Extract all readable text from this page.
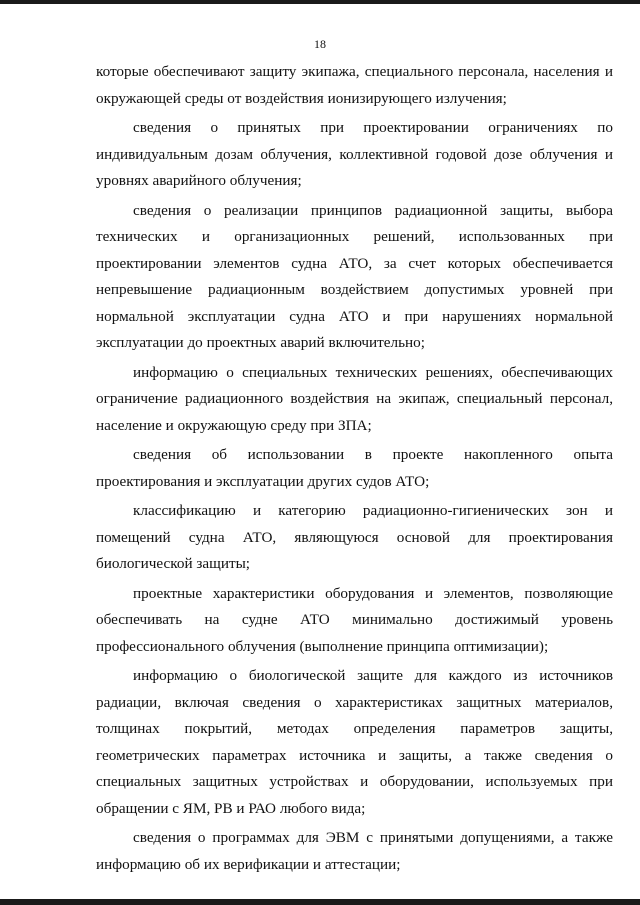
18

которые обеспечивают защиту экипажа, специального персонала, населения и окружающей среды от воздействия ионизирующего излучения;

сведения о принятых при проектировании ограничениях по индивидуальным дозам облучения, коллективной годовой дозе облучения и уровнях аварийного облучения;

сведения о реализации принципов радиационной защиты, выбора технических и организационных решений, использованных при проектировании элементов судна АТО, за счет которых обеспечивается непревышение радиационным воздействием допустимых уровней при нормальной эксплуатации судна АТО и при нарушениях нормальной эксплуатации до проектных аварий включительно;

информацию о специальных технических решениях, обеспечивающих ограничение радиационного воздействия на экипаж, специальный персонал, население и окружающую среду при ЗПА;

сведения об использовании в проекте накопленного опыта проектирования и эксплуатации других судов АТО;

классификацию и категорию радиационно-гигиенических зон и помещений судна АТО, являющуюся основой для проектирования биологической защиты;

проектные характеристики оборудования и элементов, позволяющие обеспечивать на судне АТО минимально достижимый уровень профессионального облучения (выполнение принципа оптимизации);

информацию о биологической защите для каждого из источников радиации, включая сведения о характеристиках защитных материалов, толщинах покрытий, методах определения параметров защиты, геометрических параметрах источника и защиты, а также сведения о специальных защитных устройствах и оборудовании, используемых при обращении с ЯМ, РВ и РАО любого вида;

сведения о программах для ЭВМ с принятыми допущениями, а также информацию об их верификации и аттестации;
